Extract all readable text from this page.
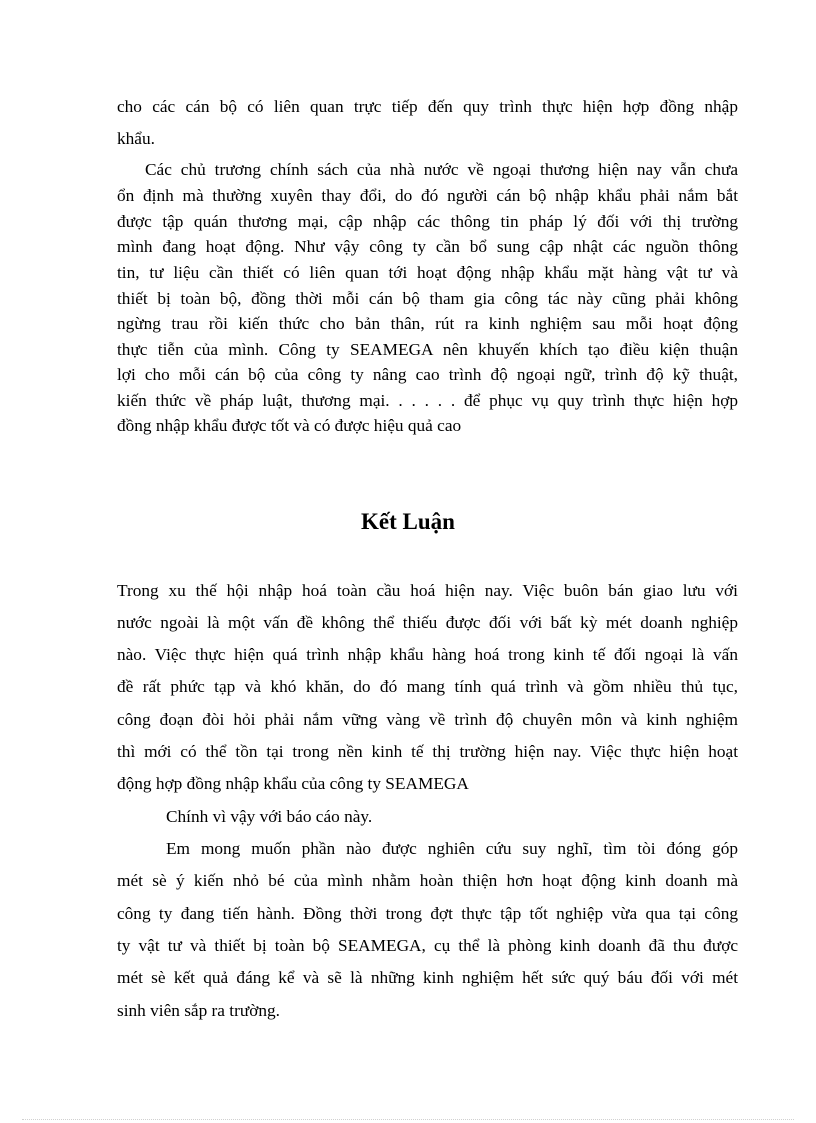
cho các cán bộ có liên quan trực tiếp đến quy trình thực hiện hợp đồng nhập
khẩu.
Các chủ trương chính sách của nhà nước về ngoại thương hiện nay vẫn chưa
ổn định mà thường xuyên thay đổi, do đó người cán bộ nhập khẩu phải nắm bắt
được tập quán thương mại, cập nhập các thông tin pháp lý đối với thị trường
mình đang hoạt động. Như vậy công ty cần bổ sung cập nhật các nguồn thông
tin, tư liệu cần thiết có liên quan tới hoạt động nhập khẩu mặt hàng vật tư và
thiết bị toàn bộ, đồng thời mỗi cán bộ tham gia công tác này cũng phải không
ngừng trau rồi kiến thức cho bản thân, rút ra kinh nghiệm sau mỗi hoạt động
thực tiễn của mình. Công ty SEAMEGA nên khuyến khích tạo điều kiện thuận
lợi cho mỗi cán bộ của công ty nâng cao trình độ ngoại ngữ, trình độ kỹ thuật,
kiến thức về pháp luật, thương mại. . . . . . để phục vụ quy trình thực hiện hợp
đồng nhập khẩu được tốt và có được hiệu quả cao
Kết Luận
Trong xu thế hội nhập hoá toàn cầu hoá hiện nay. Việc buôn bán giao lưu với
nước ngoài là một vấn đề không thể thiếu được đối với bất kỳ mét doanh nghiệp
nào. Việc thực hiện quá trình nhập khẩu hàng hoá trong kinh tế đối ngoại là vấn
đề rất phức tạp và khó khăn, do đó mang tính quá trình và gồm nhiều thủ tục,
công đoạn đòi hỏi phải nắm vững vàng về trình độ chuyên môn và kinh nghiệm
thì mới có thể tồn tại trong nền kinh tế thị trường hiện nay. Việc thực hiện hoạt
động hợp đồng nhập khẩu của công ty SEAMEGA
Chính vì vậy với báo cáo này.
Em mong muốn phần nào được nghiên cứu suy nghĩ, tìm tòi đóng góp
mét sè ý kiến nhỏ bé của mình nhằm hoàn thiện hơn hoạt động kinh doanh mà
công ty đang tiến hành. Đồng thời trong đợt thực tập tốt nghiệp vừa qua tại công
ty vật tư và thiết bị toàn bộ SEAMEGA, cụ thể là phòng kinh doanh đã thu được
mét sè kết quả đáng kể và sẽ là những kinh nghiệm hết sức quý báu đối với mét
sinh viên sắp ra trường.
